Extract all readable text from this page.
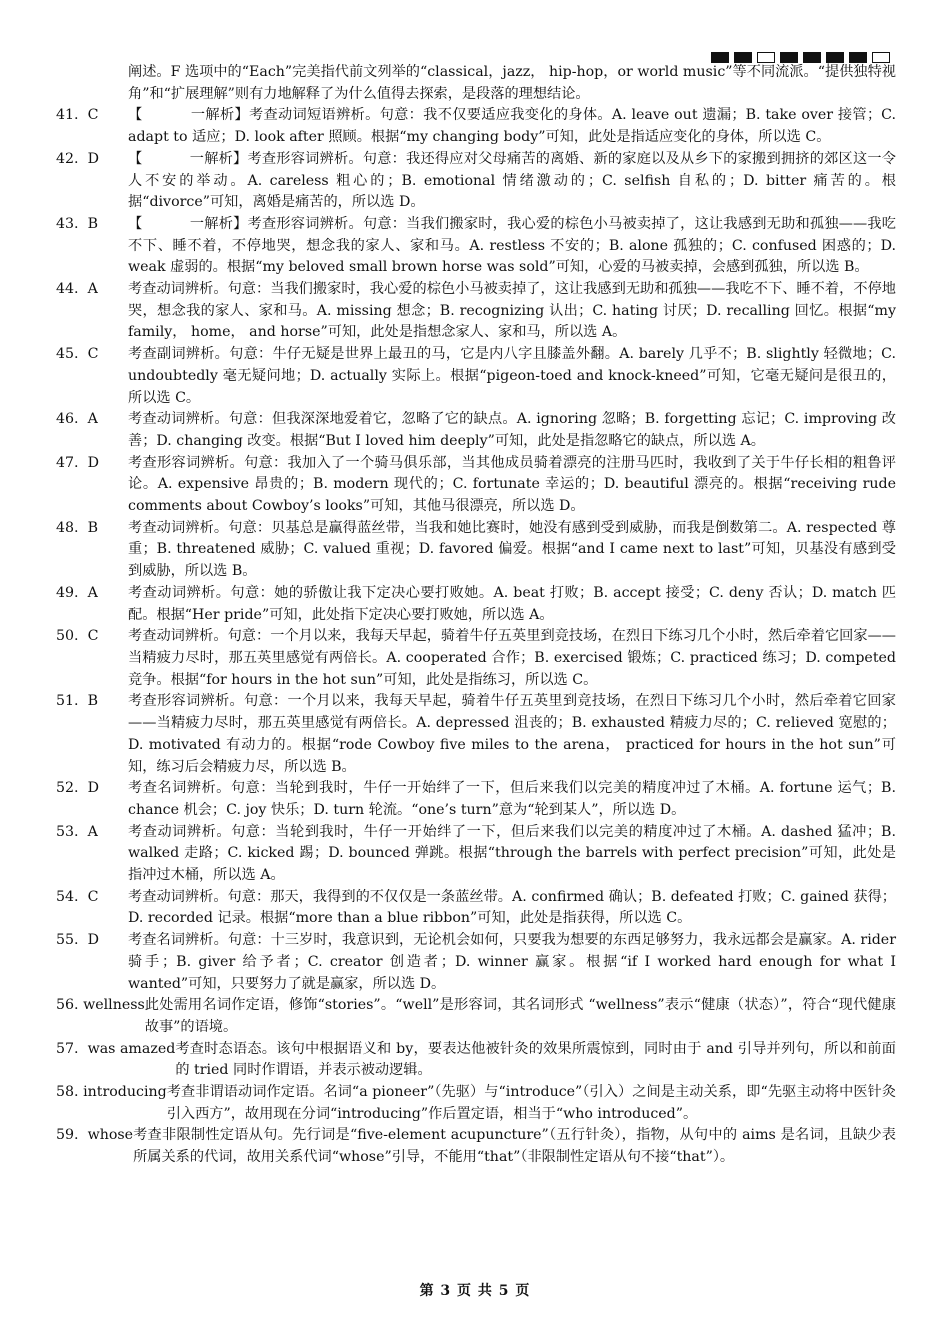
阐述。F 选项中的“Each”完美指代前文列举的“classical，jazz， hip-hop，or world music”等不同流派。“提供独特视角”和“扩展理解”则有力地解释了为什么值得去探索，是段落的理想结论。
41.  C	【          一解析】考查动词短语辨析。句意：我不仅要适应我变化的身体。A. leave out 遗漏；B. take over 接管；C. adapt to 适应；D. look after 照顾。根据“my changing body”可知，此处是指适应变化的身体，所以选 C。
42.  D	【          一解析】考查形容词辨析。句意：我还得应对父母痛苦的离婚、新的家庭以及从乡下的家搬到拥挤的郊区这一令人不安的举动。A. careless 粗心的；B. emotional 情绪激动的；C. selfish 自私的；D. bitter 痛苦的。根据“divorce”可知，离婚是痛苦的，所以选 D。
43.  B	【          一解析】考查形容词辨析。句意：当我们搬家时，我心爱的棕色小马被卖掉了，这让我感到无助和孤独——我吃不下、睡不着，不停地哭，想念我的家人、家和马。A. restless 不安的；B. alone 孤独的；C. confused 困惑的；D. weak 虚弱的。根据“my beloved small brown horse was sold”可知，心爱的马被卖掉，会感到孤独，所以选 B。
44.  A	考查动词辨析。句意：当我们搬家时，我心爱的棕色小马被卖掉了，这让我感到无助和孤独——我吃不下、睡不着，不停地哭，想念我的家人、家和马。A. missing 想念；B. recognizing 认出；C. hating 讨厌；D. recalling 回忆。根据“my family， home， and horse”可知，此处是指想念家人、家和马，所以选 A。
45.  C	考查副词辨析。句意：牛仔无疑是世界上最丑的马，它是内八字且膝盖外翻。A. barely 几乎不；B. slightly 轻微地；C. undoubtedly 毫无疑问地；D. actually 实际上。根据“pigeon-toed and knock-kneed”可知，它毫无疑问是很丑的，所以选 C。
46.  A	考查动词辨析。句意：但我深深地爱着它，忽略了它的缺点。A. ignoring 忽略；B. forgetting 忘记；C. improving 改善；D. changing 改变。根据“But I loved him deeply”可知，此处是指忽略它的缺点，所以选 A。
47.  D	考查形容词辨析。句意：我加入了一个骑马俱乐部，当其他成员骑着漂亮的注册马匹时，我收到了关于牛仔长相的粗鲁评论。A. expensive 昂贵的；B. modern 现代的；C. fortunate 幸运的；D. beautiful 漂亮的。根据“receiving rude comments about Cowboy’s looks”可知，其他马很漂亮，所以选 D。
48.  B	考查动词辨析。句意：贝基总是赢得蓝丝带，当我和她比赛时，她没有感到受到威胁，而我是倒数第二。A. respected 尊重；B. threatened 威胁；C. valued 重视；D. favored 偏爱。根据“and I came next to last”可知，贝基没有感到受到威胁，所以选 B。
49.  A	考查动词辨析。句意：她的骄傲让我下定决心要打败她。A. beat 打败；B. accept 接受；C. deny 否认；D. match 匹配。根据“Her pride”可知，此处指下定决心要打败她，所以选 A。
50.  C	考查动词辨析。句意：一个月以来，我每天早起，骑着牛仔五英里到竞技场，在烈日下练习几个小时，然后牵着它回家——当精疲力尽时，那五英里感觉有两倍长。A. cooperated 合作；B. exercised 锻炼；C. practiced 练习；D. competed 竞争。根据“for hours in the hot sun”可知，此处是指练习，所以选 C。
51.  B	考查形容词辨析。句意：一个月以来，我每天早起，骑着牛仔五英里到竞技场，在烈日下练习几个小时，然后牵着它回家——当精疲力尽时，那五英里感觉有两倍长。A. depressed 沮丧的；B. exhausted 精疲力尽的；C. relieved 宽慰的；D. motivated 有动力的。根据“rode Cowboy five miles to the arena， practiced for hours in the hot sun”可知，练习后会精疲力尽，所以选 B。
52.  D	考查名词辨析。句意：当轮到我时，牛仔一开始绊了一下，但后来我们以完美的精度冲过了木桶。A. fortune 运气；B. chance 机会；C. joy 快乐；D. turn 轮流。“one’s turn”意为“轮到某人”，所以选 D。
53.  A	考查动词辨析。句意：当轮到我时，牛仔一开始绊了一下，但后来我们以完美的精度冲过了木桶。A. dashed 猛冲；B. walked 走路；C. kicked 踢；D. bounced 弹跳。根据“through the barrels with perfect precision”可知，此处是指冲过木桶，所以选 A。
54.  C	考查动词辨析。句意：那天，我得到的不仅仅是一条蓝丝带。A. confirmed 确认；B. defeated 打败；C. gained 获得；D. recorded 记录。根据“more than a blue ribbon”可知，此处是指获得，所以选 C。
55.  D	考查名词辨析。句意：十三岁时，我意识到，无论机会如何，只要我为想要的东西足够努力，我永远都会是赢家。A. rider 骑手；B. giver 给予者；C. creator 创造者；D. winner 赢家。根据“if I worked hard enough for what I wanted”可知，只要努力了就是赢家，所以选 D。
56. wellness 此处需用名词作定语，修饰“stories”。“well”是形容词，其名词形式 “wellness”表示“健康（状态）”，符合“现代健康故事”的语境。
57.  was amazed 考查时态语态。该句中根据语义和 by，要表达他被针灸的效果所震惊到，同时由于 and 引导并列句，所以和前面的 tried 同时作谓语，并表示被动逻辑。
58. introducing 考查非谓语动词作定语。名词“a pioneer”（先驱）与“introduce”（引入）之间是主动关系，即“先驱主动将中医针灸引入西方”，故用现在分词“introducing”作后置定语，相当于“who introduced”。
59.  whose 考查非限制性定语从句。先行词是“five-element acupuncture”（五行针灸），指物，从句中的 aims 是名词，且缺少表所属关系的代词，故用关系代词“whose”引导，不能用“that”（非限制性定语从句不接“that”）。
第 3 页 共 5 页
